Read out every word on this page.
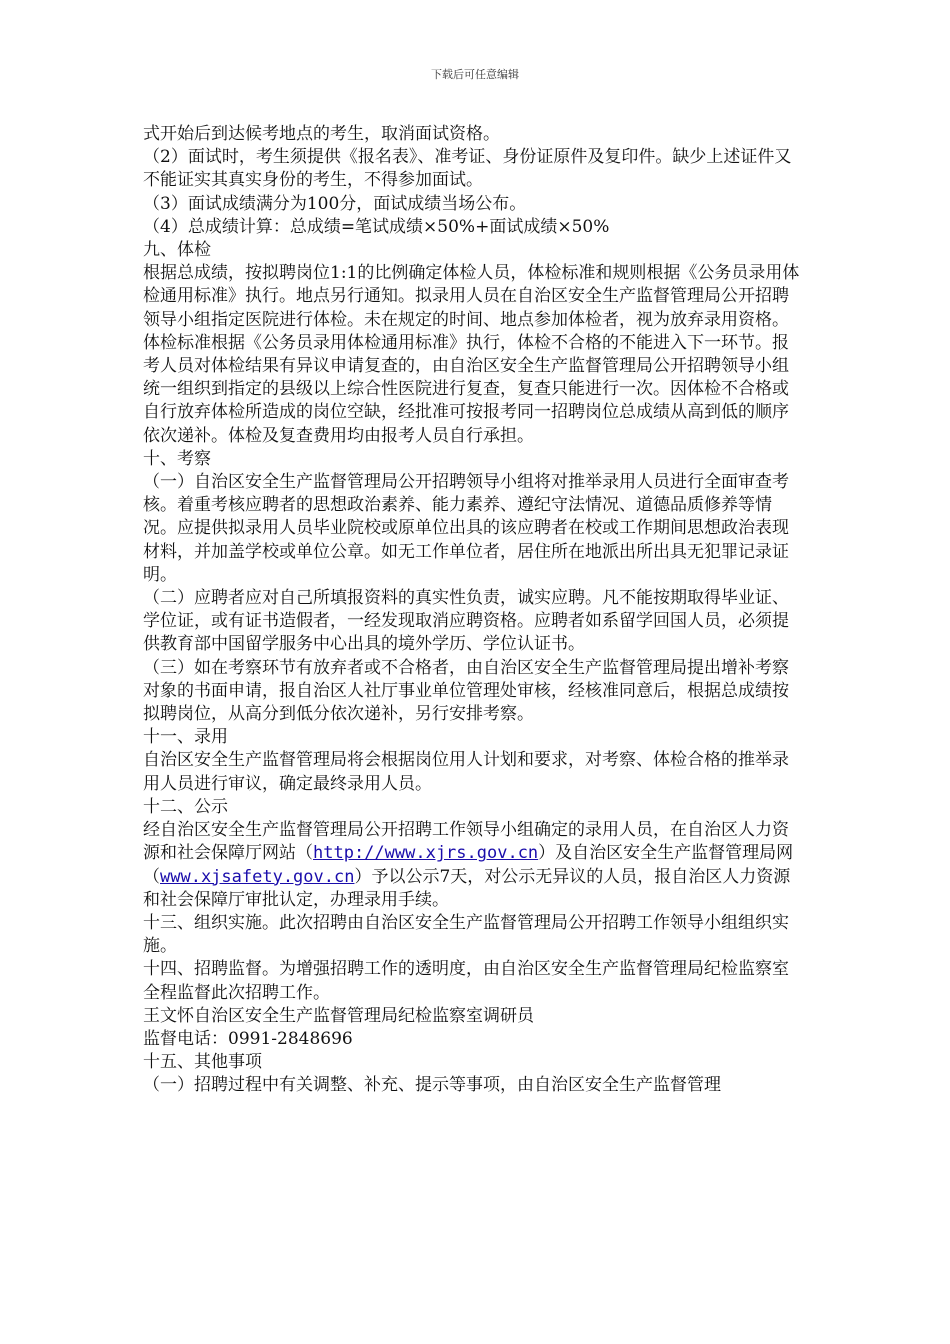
下载后可任意编辑

式开始后到达候考地点的考生，取消面试资格。

（2）面试时，考生须提供《报名表》、准考证、身份证原件及复印件。缺少上述证件又不能证实其真实身份的考生，不得参加面试。

（3）面试成绩满分为100分，面试成绩当场公布。

（4）总成绩计算：总成绩=笔试成绩×50%+面试成绩×50%

九、体检

根据总成绩，按拟聘岗位1:1的比例确定体检人员，体检标准和规则根据《公务员录用体检通用标准》执行。地点另行通知。拟录用人员在自治区安全生产监督管理局公开招聘领导小组指定医院进行体检。未在规定的时间、地点参加体检者，视为放弃录用资格。体检标准根据《公务员录用体检通用标准》执行，体检不合格的不能进入下一环节。报考人员对体检结果有异议申请复查的，由自治区安全生产监督管理局公开招聘领导小组统一组织到指定的县级以上综合性医院进行复查，复查只能进行一次。因体检不合格或自行放弃体检所造成的岗位空缺，经批准可按报考同一招聘岗位总成绩从高到低的顺序依次递补。体检及复查费用均由报考人员自行承担。

十、考察

（一）自治区安全生产监督管理局公开招聘领导小组将对推举录用人员进行全面审查考核。着重考核应聘者的思想政治素养、能力素养、遵纪守法情况、道德品质修养等情况。应提供拟录用人员毕业院校或原单位出具的该应聘者在校或工作期间思想政治表现材料，并加盖学校或单位公章。如无工作单位者，居住所在地派出所出具无犯罪记录证明。

（二）应聘者应对自己所填报资料的真实性负责，诚实应聘。凡不能按期取得毕业证、学位证，或有证书造假者，一经发现取消应聘资格。应聘者如系留学回国人员，必须提供教育部中国留学服务中心出具的境外学历、学位认证书。

（三）如在考察环节有放弃者或不合格者，由自治区安全生产监督管理局提出增补考察对象的书面申请，报自治区人社厅事业单位管理处审核，经核准同意后，根据总成绩按拟聘岗位，从高分到低分依次递补，另行安排考察。

十一、录用

自治区安全生产监督管理局将会根据岗位用人计划和要求，对考察、体检合格的推举录用人员进行审议，确定最终录用人员。

十二、公示

经自治区安全生产监督管理局公开招聘工作领导小组确定的录用人员，在自治区人力资源和社会保障厅网站（http://www.xjrs.gov.cn）及自治区安全生产监督管理局网（www.xjsafety.gov.cn）予以公示7天，对公示无异议的人员，报自治区人力资源和社会保障厅审批认定，办理录用手续。

十三、组织实施。此次招聘由自治区安全生产监督管理局公开招聘工作领导小组组织实施。

十四、招聘监督。为增强招聘工作的透明度，由自治区安全生产监督管理局纪检监察室全程监督此次招聘工作。

王文怀自治区安全生产监督管理局纪检监察室调研员

监督电话：0991-2848696

十五、其他事项

（一）招聘过程中有关调整、补充、提示等事项，由自治区安全生产监督管理
